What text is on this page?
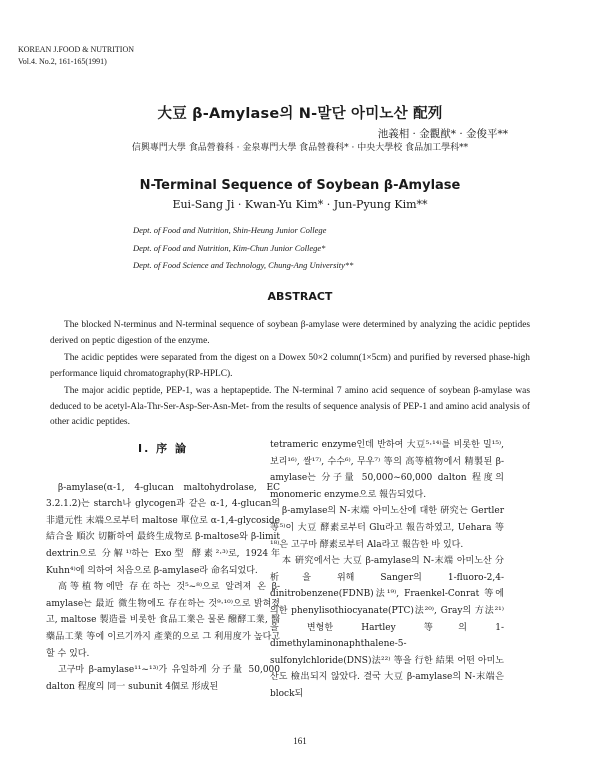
KOREAN J.FOOD & NUTRITION
Vol.4. No.2, 161-165(1991)
大豆 β-Amylase의 N-말단 아미노산 配列
池義相 · 金觀猷* · 金俊平**
信興專門大學 食品營養科 · 金泉專門大學 食品營養科* · 中央大學校 食品加工學科**
N-Terminal Sequence of Soybean β-Amylase
Eui-Sang Ji · Kwan-Yu Kim* · Jun-Pyung Kim**
Dept. of Food and Nutrition, Shin-Heung Junior College
Dept. of Food and Nutrition, Kim-Chun Junior College*
Dept. of Food Science and Technology, Chung-Ang University**
ABSTRACT

The blocked N-terminus and N-terminal sequence of soybean β-amylase were determined by analyzing the acidic peptides derived on peptic digestion of the enzyme.

The acidic peptides were separated from the digest on a Dowex 50×2 column(1×5cm) and purified by reversed phase-high performance liquid chromatography(RP-HPLC).

The major acidic peptide, PEP-1, was a heptapeptide. The N-terminal 7 amino acid sequence of soybean β-amylase was deduced to be acetyl-Ala-Thr-Ser-Asp-Ser-Asn-Met- from the results of sequence analysis of PEP-1 and amino acid analysis of other acidic peptides.

I. 序 論

β-amylase(α-1, 4-glucan maltohydrolase, EC 3.2.1.2)는 starch나 glycogen과 같은 α-1, 4-glucan의 非還元性 末端으로부터 maltose 單位로 α-1,4-glycoside 結合을 順次 切斷하여 最終生成物로 β-maltose와 β-limit dextrin으로 分解¹⁾하는 Exo型 酵素²·³⁾로, 1924年 Kuhn⁴⁾에 의하여 처음으로 β-amylase라 命名되었다.

高等植物에만 存在하는 것⁵~⁸⁾으로 알려져 온 β-amylase는 最近 微生物에도 存在하는 것⁹·¹⁰⁾으로 밝혀졌고, maltose 製造를 비롯한 食品工業은 물론 醱酵工業, 醫藥品工業 等에 이르기까지 產業的으로 그 利用度가 높다고 할 수 있다.

고구마 β-amylase¹¹~¹³⁾가 유일하게 分子量 50,000 dalton 程度의 同一 subunit 4個로 形成된

tetrameric enzyme인데 반하여 大豆⁵·¹⁴⁾를 비롯한 밀¹⁵⁾, 보리¹⁶⁾, 쌀¹⁷⁾, 수수⁶⁾, 무우⁷⁾ 等의 高等植物에서 精製된 β-amylase는 分子量 50,000~60,000 dalton 程度의 monomeric enzyme으로 報告되었다.

β-amylase의 N-末端 아미노산에 대한 硏究는 Gertler 等⁵⁾이 大豆 酵素로부터 Glu라고 報告하였고, Uehara 等¹⁸⁾은 고구마 酵素로부터 Ala라고 報告한 바 있다.

本 硏究에서는 大豆 β-amylase의 N-末端 아미노산 分析을 위해 Sanger의 1-fluoro-2,4-dinitrobenzene(FDNB)法¹⁹⁾, Fraenkel-Conrat 等에 의한 phenylisothiocyanate(PTC)法²⁰⁾, Gray의 方法²¹⁾을 변형한 Hartley 等의 1-dimethylaminonaphthalene-5-sulfonylchloride(DNS)法²²⁾ 等을 行한 結果 어떤 아미노산도 檢出되지 않았다. 결국 大豆 β-amylase의 N-末端은 block되

161
